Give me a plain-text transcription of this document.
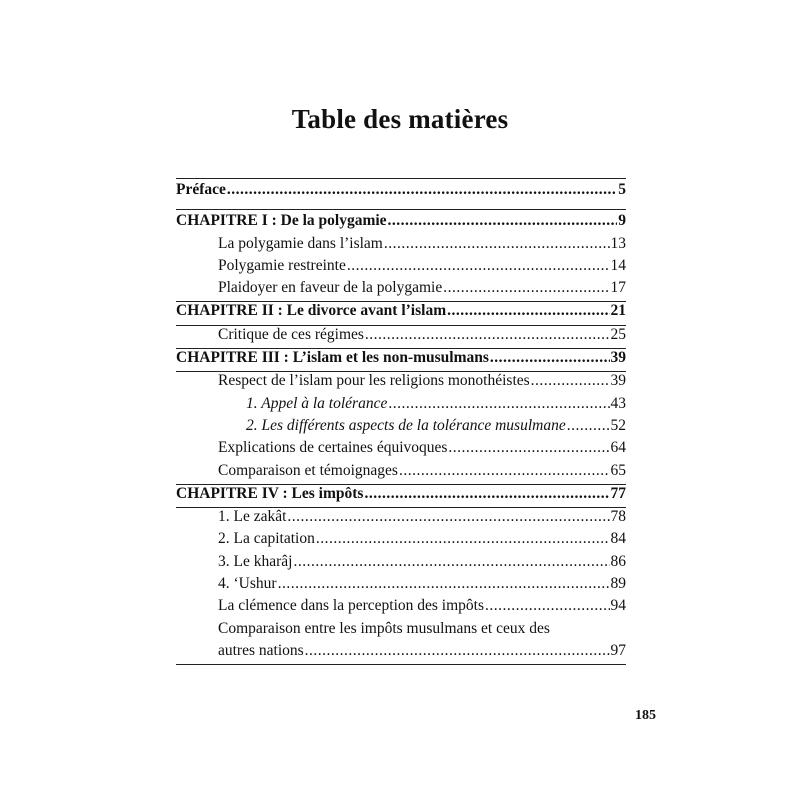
Table des matières
Préface .....	5
CHAPITRE I : De la polygamie .....	9
La polygamie dans l’islam .....	13
Polygamie restreinte .....	14
Plaidoyer en faveur de la polygamie .....	17
CHAPITRE II : Le divorce avant l’islam .....	21
Critique de ces régimes .....	25
CHAPITRE III : L’islam et les non-musulmans .....	39
Respect de l’islam pour les religions monothéistes .....	39
1. Appel à la tolérance .....	43
2. Les différents aspects de la tolérance musulmane .....	52
Explications de certaines équivoques .....	64
Comparaison et témoignages .....	65
CHAPITRE IV : Les impôts .....	77
1. Le zakât .....	78
2. La capitation .....	84
3. Le kharâj .....	86
4. ‘Ushur .....	89
La clémence dans la perception des impôts .....	94
Comparaison entre les impôts musulmans et ceux des
autres nations .....	97
185
